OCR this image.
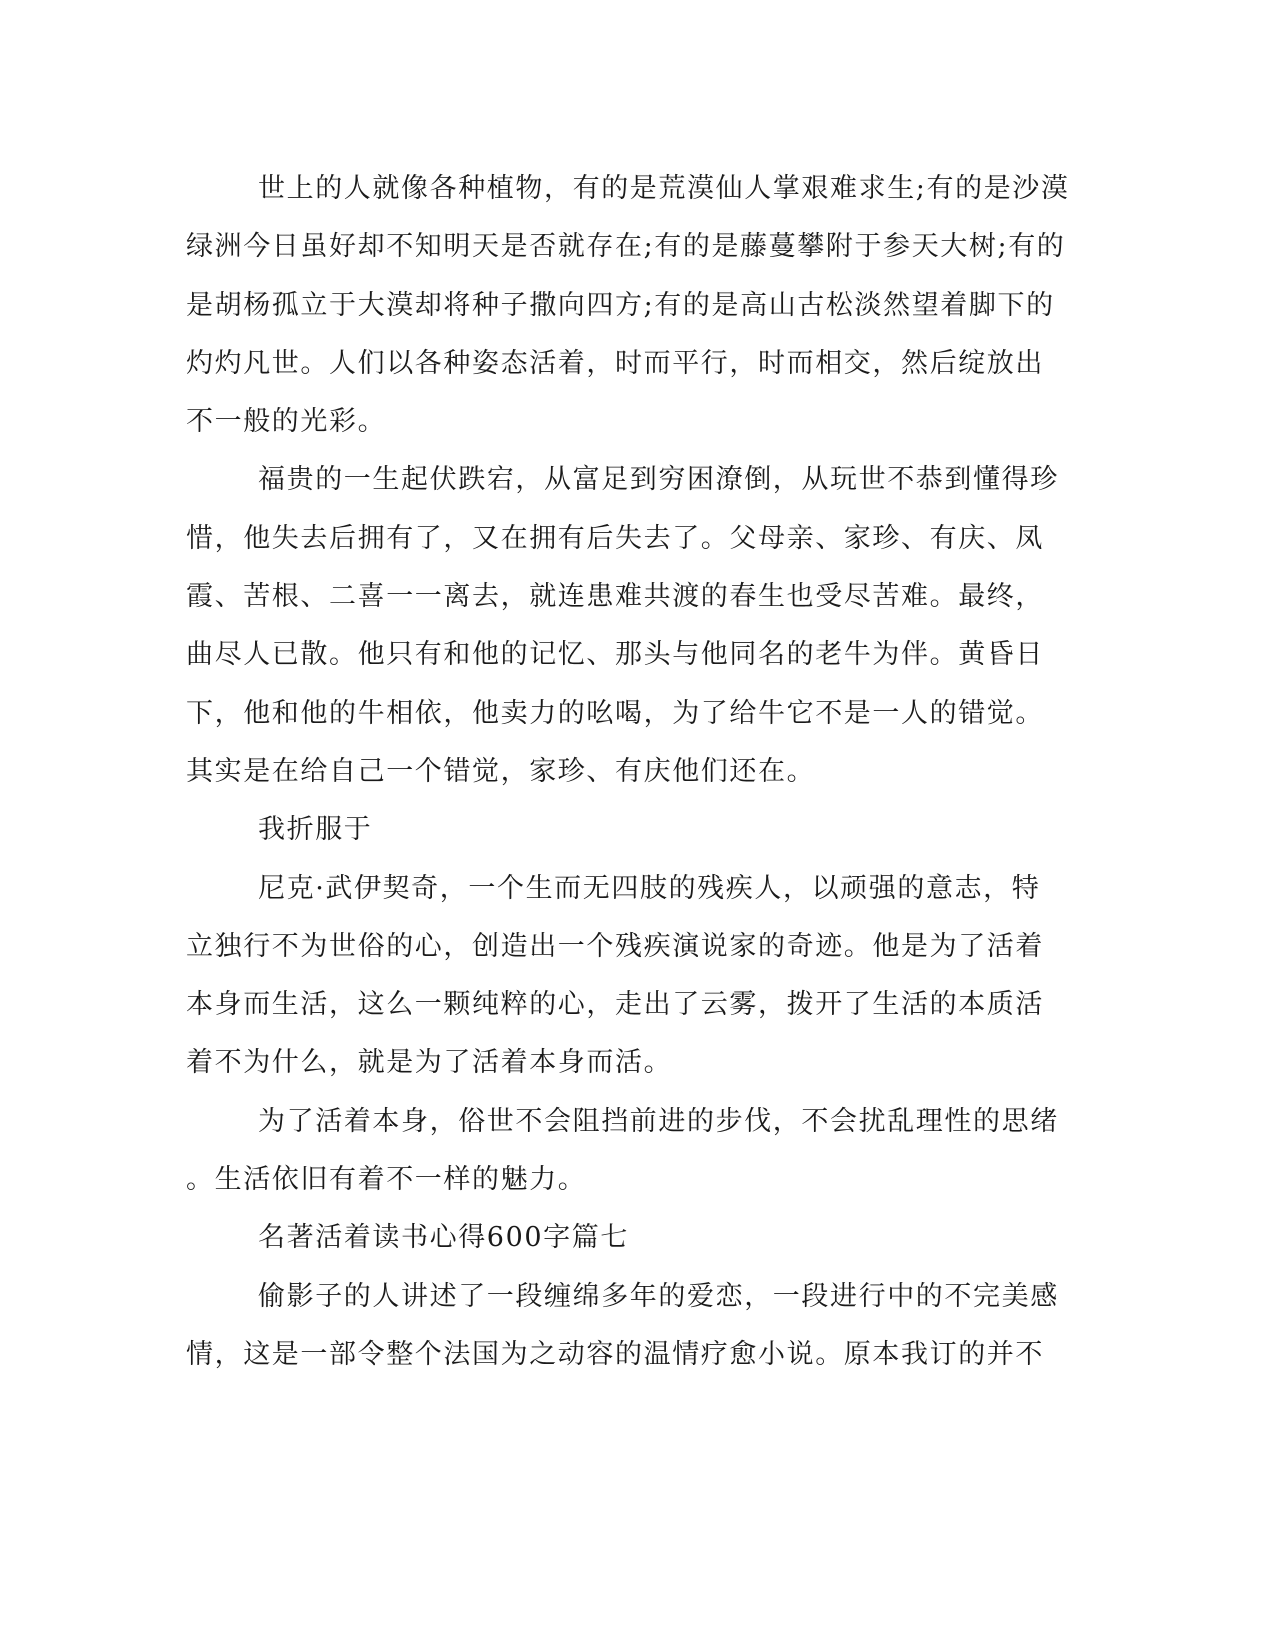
世上的人就像各种植物，有的是荒漠仙人掌艰难求生;有的是沙漠
绿洲今日虽好却不知明天是否就存在;有的是藤蔓攀附于参天大树;有的
是胡杨孤立于大漠却将种子撒向四方;有的是高山古松淡然望着脚下的
灼灼凡世。人们以各种姿态活着，时而平行，时而相交，然后绽放出
不一般的光彩。
福贵的一生起伏跌宕，从富足到穷困潦倒，从玩世不恭到懂得珍
惜，他失去后拥有了，又在拥有后失去了。父母亲、家珍、有庆、凤
霞、苦根、二喜一一离去，就连患难共渡的春生也受尽苦难。最终，
曲尽人已散。他只有和他的记忆、那头与他同名的老牛为伴。黄昏日
下，他和他的牛相依，他卖力的吆喝，为了给牛它不是一人的错觉。
其实是在给自己一个错觉，家珍、有庆他们还在。
我折服于
尼克·武伊契奇，一个生而无四肢的残疾人，以顽强的意志，特
立独行不为世俗的心，创造出一个残疾演说家的奇迹。他是为了活着
本身而生活，这么一颗纯粹的心，走出了云雾，拨开了生活的本质活
着不为什么，就是为了活着本身而活。
为了活着本身，俗世不会阻挡前进的步伐，不会扰乱理性的思绪
。生活依旧有着不一样的魅力。
名著活着读书心得600字篇七
偷影子的人讲述了一段缠绵多年的爱恋，一段进行中的不完美感
情，这是一部令整个法国为之动容的温情疗愈小说。原本我订的并不
